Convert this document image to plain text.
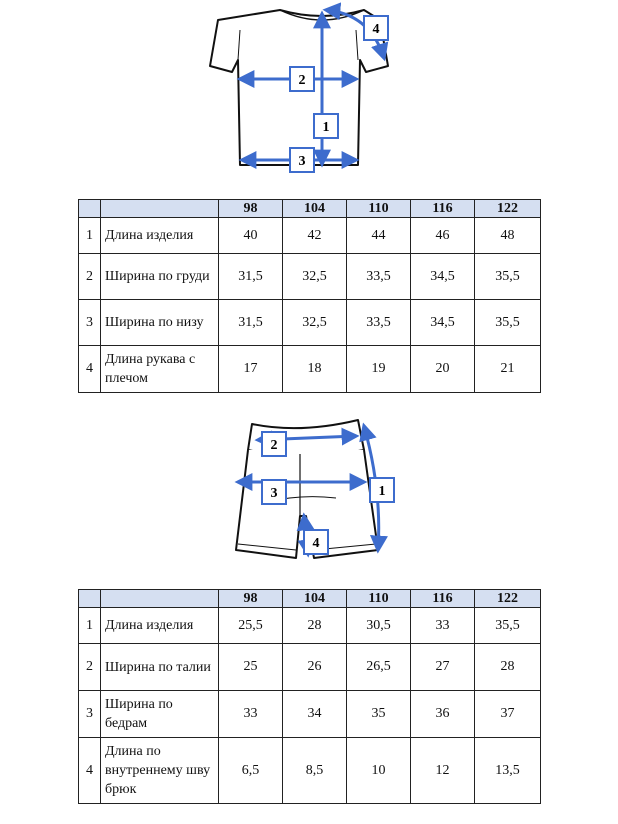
1
2
3
4
		98	104	110	116	122
1	Длина изделия	40	42	44	46	48
2	Ширина по груди	31,5	32,5	33,5	34,5	35,5
3	Ширина по низу	31,5	32,5	33,5	34,5	35,5
4	Длина рукава с плечом	17	18	19	20	21
1
2
3
4
		98	104	110	116	122
1	Длина изделия	25,5	28	30,5	33	35,5
2	Ширина по талии	25	26	26,5	27	28
3	Ширина по бедрам	33	34	35	36	37
4	Длина по внутреннему шву брюк	6,5	8,5	10	12	13,5
